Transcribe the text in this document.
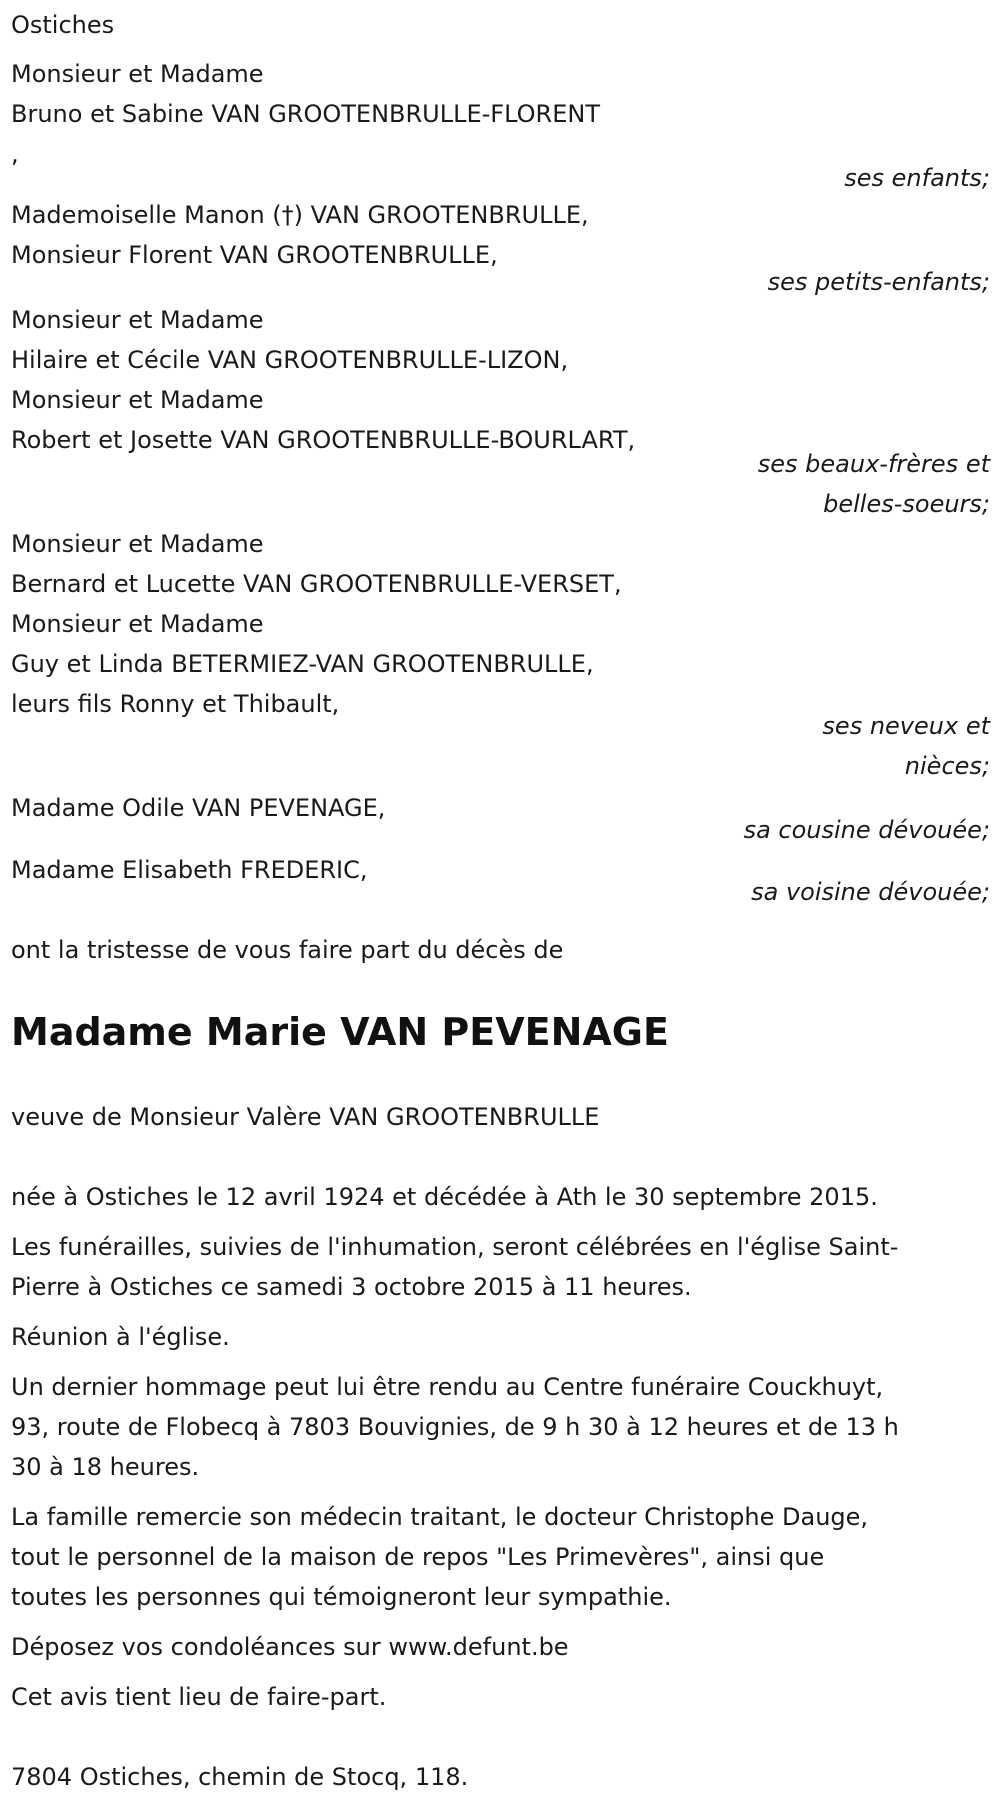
Ostiches
Monsieur et Madame
Bruno et Sabine VAN GROOTENBRULLE-FLORENT
,
ses enfants;
Mademoiselle Manon (†) VAN GROOTENBRULLE,
Monsieur Florent VAN GROOTENBRULLE,
ses petits-enfants;
Monsieur et Madame
Hilaire et Cécile VAN GROOTENBRULLE-LIZON,
Monsieur et Madame
Robert et Josette VAN GROOTENBRULLE-BOURLART,
ses beaux-frères et
belles-soeurs;
Monsieur et Madame
Bernard et Lucette VAN GROOTENBRULLE-VERSET,
Monsieur et Madame
Guy et Linda BETERMIEZ-VAN GROOTENBRULLE,
leurs fils Ronny et Thibault,
ses neveux et
nièces;
Madame Odile VAN PEVENAGE,
sa cousine dévouée;
Madame Elisabeth FREDERIC,
sa voisine dévouée;
ont la tristesse de vous faire part du décès de
Madame Marie VAN PEVENAGE
veuve de Monsieur Valère VAN GROOTENBRULLE
née à Ostiches le 12 avril 1924 et décédée à Ath le 30 septembre 2015.
Les funérailles, suivies de l'inhumation, seront célébrées en l'église Saint-
Pierre à Ostiches ce samedi 3 octobre 2015 à 11 heures.
Réunion à l'église.
Un dernier hommage peut lui être rendu au Centre funéraire Couckhuyt,
93, route de Flobecq à 7803 Bouvignies, de 9 h 30 à 12 heures et de 13 h
30 à 18 heures.
La famille remercie son médecin traitant, le docteur Christophe Dauge,
tout le personnel de la maison de repos "Les Primevères", ainsi que
toutes les personnes qui témoigneront leur sympathie.
Déposez vos condoléances sur www.defunt.be
Cet avis tient lieu de faire-part.
7804 Ostiches, chemin de Stocq, 118.
